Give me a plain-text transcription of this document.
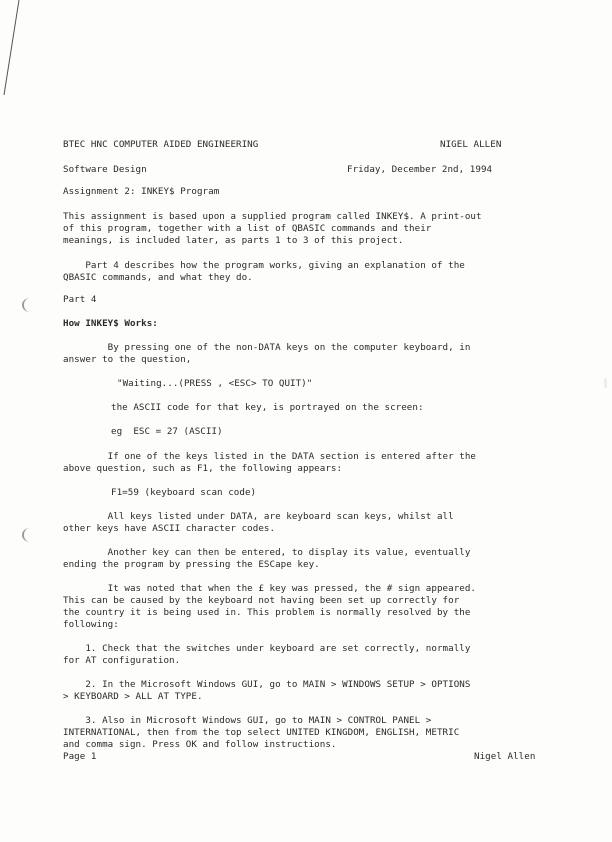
BTEC HNC COMPUTER AIDED ENGINEERING	NIGEL ALLEN
Software Design	Friday, December 2nd, 1994
Assignment 2: INKEY$ Program
This assignment is based upon a supplied program called INKEY$. A print-out
of this program, together with a list of QBASIC commands and their
meanings, is included later, as parts 1 to 3 of this project.
Part 4 describes how the program works, giving an explanation of the
QBASIC commands, and what they do.
Part 4
How INKEY$ Works:
By pressing one of the non-DATA keys on the computer keyboard, in
answer to the question,
"Waiting...(PRESS , <ESC> TO QUIT)"
the ASCII code for that key, is portrayed on the screen:
eg  ESC = 27 (ASCII)
If one of the keys listed in the DATA section is entered after the
above question, such as F1, the following appears:
F1=59 (keyboard scan code)
All keys listed under DATA, are keyboard scan keys, whilst all
other keys have ASCII character codes.
Another key can then be entered, to display its value, eventually
ending the program by pressing the ESCape key.
It was noted that when the £ key was pressed, the # sign appeared.
This can be caused by the keyboard not having been set up correctly for
the country it is being used in. This problem is normally resolved by the
following:
1. Check that the switches under keyboard are set correctly, normally
for AT configuration.
2. In the Microsoft Windows GUI, go to MAIN > WINDOWS SETUP > OPTIONS
> KEYBOARD > ALL AT TYPE.
3. Also in Microsoft Windows GUI, go to MAIN > CONTROL PANEL >
INTERNATIONAL, then from the top select UNITED KINGDOM, ENGLISH, METRIC
and comma sign. Press OK and follow instructions.
Page 1	Nigel Allen
